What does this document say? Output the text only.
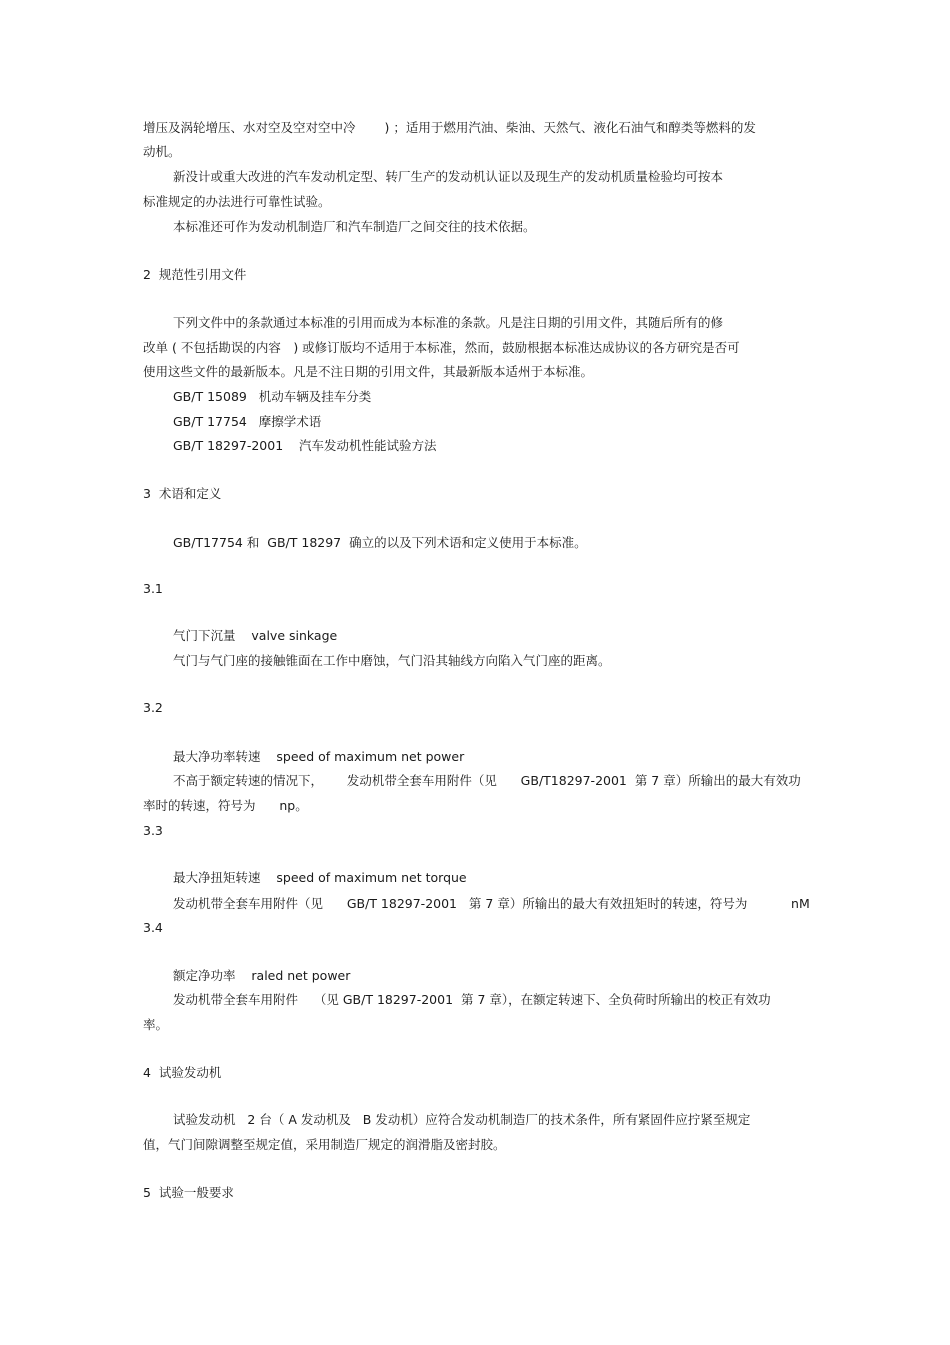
增压及涡轮增压、水对空及空对空中冷 　　) ；适用于燃用汽油、柴油、天然气、液化石油气和醇类等燃料的发
动机。
新没计或重大改进的汽车发动机定型、转厂生产的发动机认证以及现生产的发动机质量检验均可按本
标准规定的办法进行可靠性试验。
本标准还可作为发动机制造厂和汽车制造厂之间交往的技术依据。
2  规范性引用文件
下列文件中的条款通过本标准的引用而成为本标准的条款。凡是注日期的引用文件，其随后所有的修
改单 ( 不包括勘误的内容　) 或修订版均不适用于本标准，然而，鼓励根据本标准达成协议的各方研究是否可
使用这些文件的最新版本。凡是不注日期的引用文件，其最新版本适州于本标准。
GB/T 15089   机动车辆及挂车分类
GB/T 17754   摩擦学术语
GB/T 18297-2001    汽车发动机性能试验方法
3  术语和定义
GB/T17754 和  GB/T 18297  确立的以及下列术语和定义使用于本标准。
3.1
气门下沉量    valve sinkage
气门与气门座的接触锥面在工作中磨蚀，气门沿其轴线方向陷入气门座的距离。
3.2
最大净功率转速    speed of maximum net power
不高于额定转速的情况下，      发动机带全套车用附件（见      GB/T18297-2001  第 7 章）所输出的最大有效功
率时的转速，符号为      np。
3.3
最大净扭矩转速    speed of maximum net torque
发动机带全套车用附件（见      GB/T 18297-2001   第 7 章）所输出的最大有效扭矩时的转速，符号为           nM
3.4
额定净功率    raled net power
发动机带全套车用附件    （见 GB/T 18297-2001  第 7 章），在额定转速下、全负荷时所输出的校正有效功
率。
4  试验发动机
试验发动机   2 台（ A 发动机及   B 发动机）应符合发动机制造厂的技术条件，所有紧固件应拧紧至规定
值，气门间隙调整至规定值，采用制造厂规定的润滑脂及密封胶。
5  试验一般要求
